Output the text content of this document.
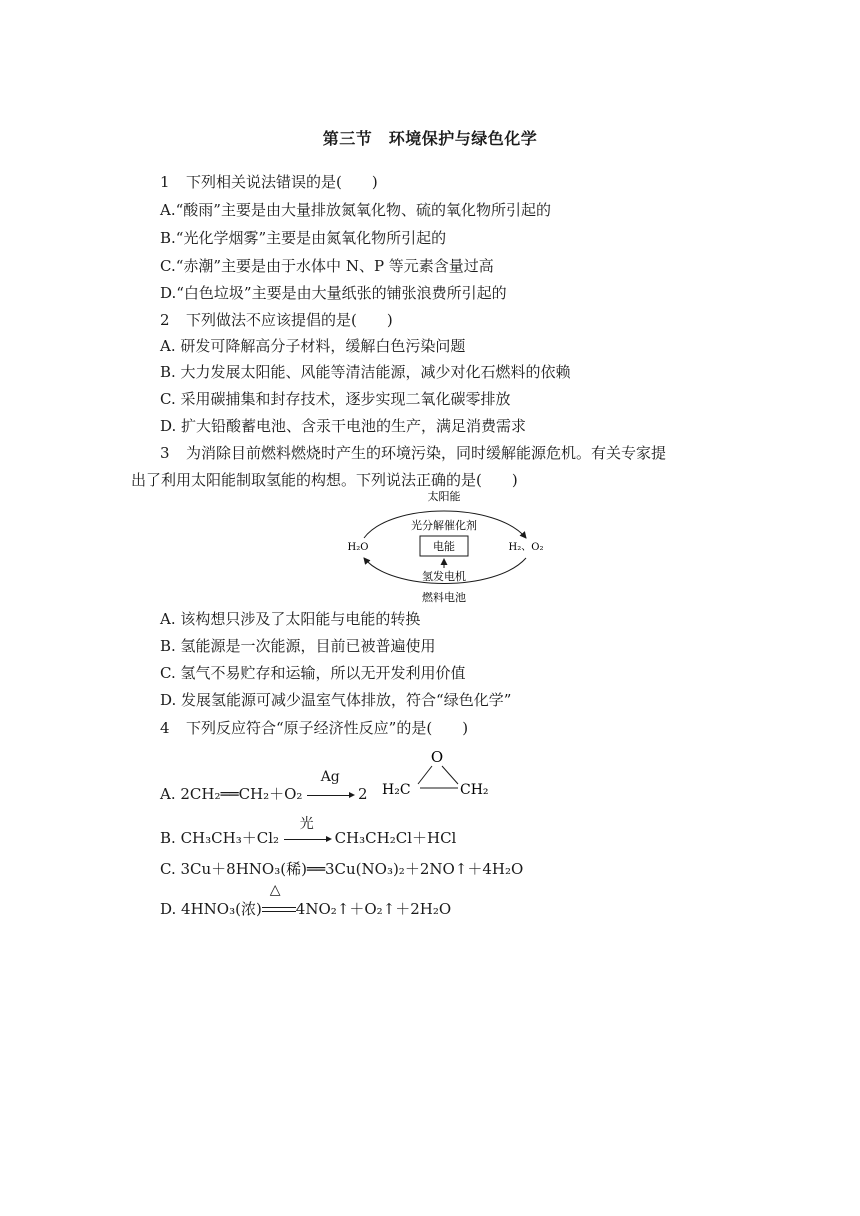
第三节　环境保护与绿色化学
1 下列相关说法错误的是(　　)
A.“酸雨”主要是由大量排放氮氧化物、硫的氧化物所引起的
B.“光化学烟雾”主要是由氮氧化物所引起的
C.“赤潮”主要是由于水体中 N、P 等元素含量过高
D.“白色垃圾”主要是由大量纸张的铺张浪费所引起的
2 下列做法不应该提倡的是(　　)
A. 研发可降解高分子材料，缓解白色污染问题
B. 大力发展太阳能、风能等清洁能源，减少对化石燃料的依赖
C. 采用碳捕集和封存技术，逐步实现二氧化碳零排放
D. 扩大铅酸蓄电池、含汞干电池的生产，满足消费需求
3 为消除目前燃料燃烧时产生的环境污染，同时缓解能源危机。有关专家提
出了利用太阳能制取氢能的构想。下列说法正确的是(　　)
太阳能
光分解催化剂
电能
H₂O	H₂、O₂
氢发电机
燃料电池
A. 该构想只涉及了太阳能与电能的转换
B. 氢能源是一次能源，目前已被普遍使用
C. 氢气不易贮存和运输，所以无开发利用价值
D. 发展氢能源可减少温室气体排放，符合“绿色化学”
4 下列反应符合“原子经济性反应”的是(　　)
A. 2CH₂══CH₂＋O₂
Ag
2
O
H₂C	CH₂
B. CH₃CH₃＋Cl₂
光
CH₃CH₂Cl＋HCl
C. 3Cu＋8HNO₃(稀)══3Cu(NO₃)₂＋2NO↑＋4H₂O
D. 4HNO₃(浓)
△
4NO₂↑＋O₂↑＋2H₂O
